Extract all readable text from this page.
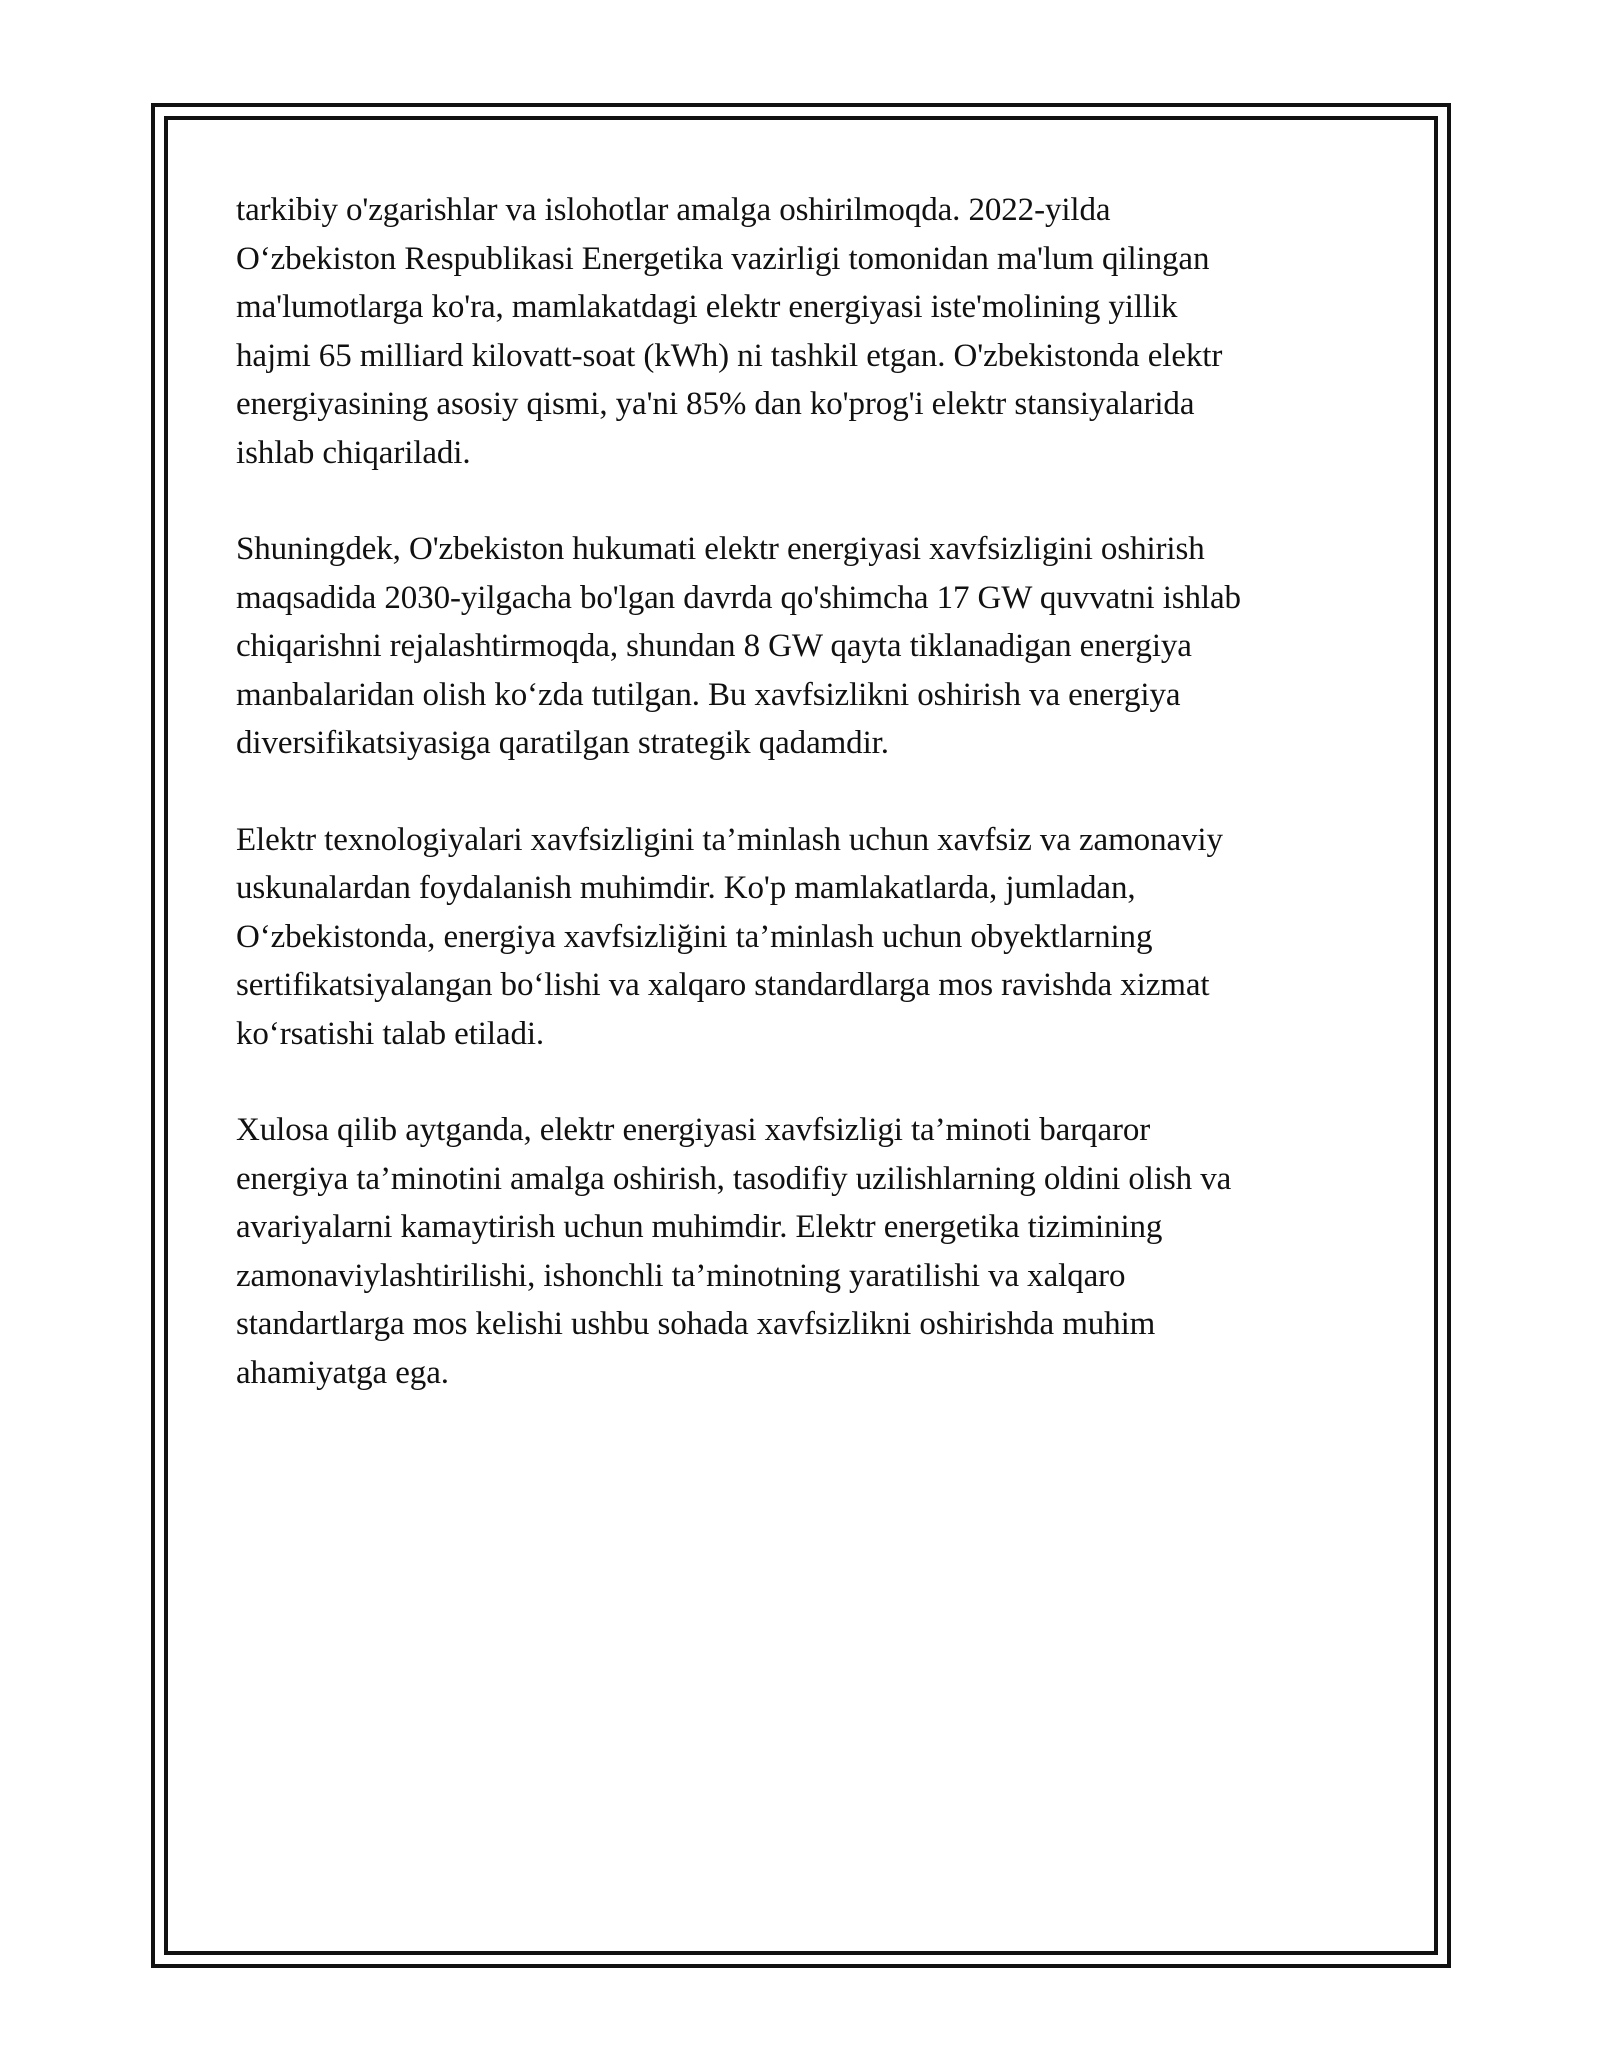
tarkibiy o'zgarishlar va islohotlar amalga oshirilmoqda. 2022-yilda
O‘zbekiston Respublikasi Energetika vazirligi tomonidan ma'lum qilingan
ma'lumotlarga ko'ra, mamlakatdagi elektr energiyasi iste'molining yillik
hajmi 65 milliard kilovatt-soat (kWh) ni tashkil etgan. O'zbekistonda elektr
energiyasining asosiy qismi, ya'ni 85% dan ko'prog'i elektr stansiyalarida
ishlab chiqariladi.

Shuningdek, O'zbekiston hukumati elektr energiyasi xavfsizligini oshirish
maqsadida 2030-yilgacha bo'lgan davrda qo'shimcha 17 GW quvvatni ishlab
chiqarishni rejalashtirmoqda, shundan 8 GW qayta tiklanadigan energiya
manbalaridan olish ko‘zda tutilgan. Bu xavfsizlikni oshirish va energiya
diversifikatsiyasiga qaratilgan strategik qadamdir.

Elektr texnologiyalari xavfsizligini ta’minlash uchun xavfsiz va zamonaviy
uskunalardan foydalanish muhimdir. Ko'p mamlakatlarda, jumladan,
O‘zbekistonda, energiya xavfsizliğini ta’minlash uchun obyektlarning
sertifikatsiyalangan bo‘lishi va xalqaro standardlarga mos ravishda xizmat
ko‘rsatishi talab etiladi.

Xulosa qilib aytganda, elektr energiyasi xavfsizligi ta’minoti barqaror
energiya ta’minotini amalga oshirish, tasodifiy uzilishlarning oldini olish va
avariyalarni kamaytirish uchun muhimdir. Elektr energetika tizimining
zamonaviylashtirilishi, ishonchli ta’minotning yaratilishi va xalqaro
standartlarga mos kelishi ushbu sohada xavfsizlikni oshirishda muhim
ahamiyatga ega.
